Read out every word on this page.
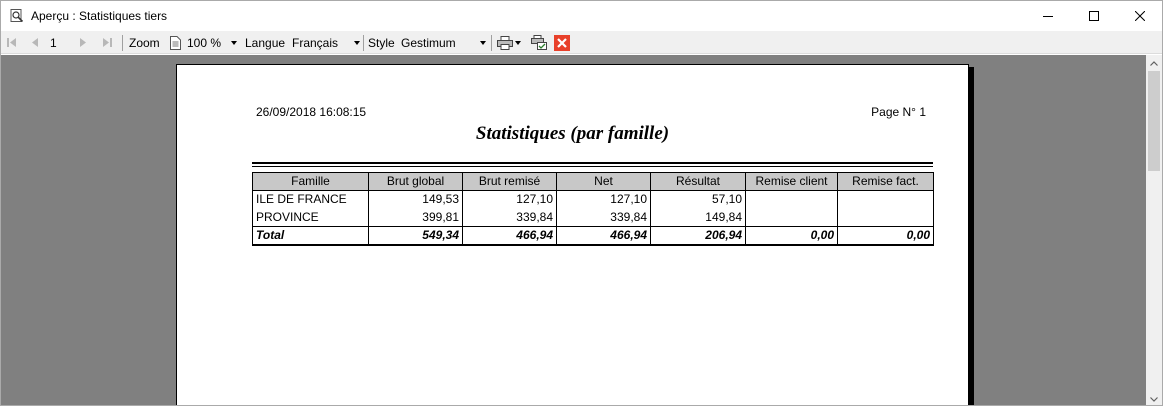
Aperçu : Statistiques tiers
1	Zoom 100 % Langue Français Style Gestimum
26/09/2018 16:08:15	Page N° 1
Statistiques (par famille)
Famille	Brut global	Brut remisé	Net	Résultat	Remise client	Remise fact.
ILE DE FRANCE	149,53	127,10	127,10	57,10		
PROVINCE	399,81	339,84	339,84	149,84		
Total	549,34	466,94	466,94	206,94	0,00	0,00
